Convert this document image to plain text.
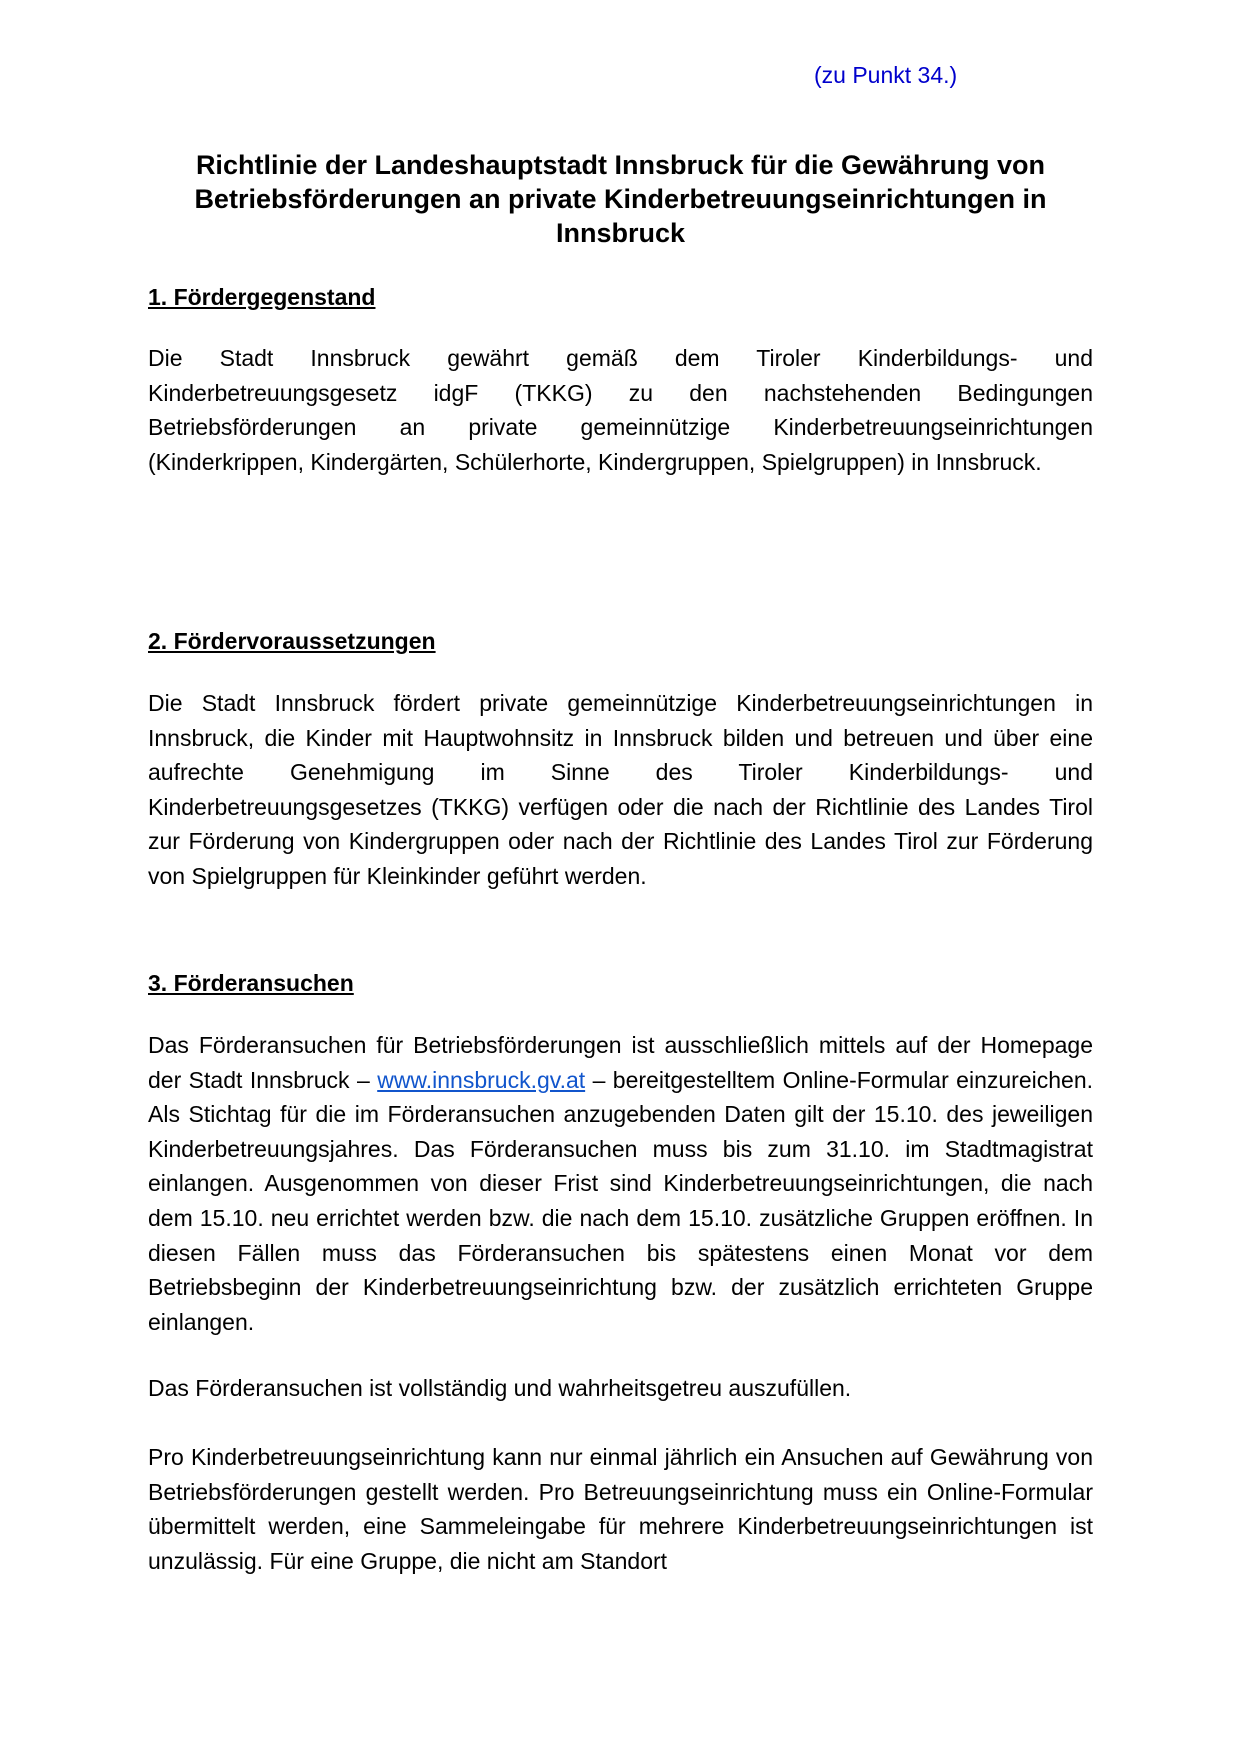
(zu Punkt 34.)
Richtlinie der Landeshauptstadt Innsbruck für die Gewährung von Betriebsförderungen an private Kinderbetreuungseinrichtungen in Innsbruck
1. Fördergegenstand

Die Stadt Innsbruck gewährt gemäß dem Tiroler Kinderbildungs- und Kinderbetreuungsgesetz idgF (TKKG) zu den nachstehenden Bedingungen Betriebsförderungen an private gemeinnützige Kinderbetreuungseinrichtungen (Kinderkrippen, Kindergärten, Schülerhorte, Kindergruppen, Spielgruppen) in Innsbruck.

2. Fördervoraussetzungen

Die Stadt Innsbruck fördert private gemeinnützige Kinderbetreuungseinrichtungen in Innsbruck, die Kinder mit Hauptwohnsitz in Innsbruck bilden und betreuen und über eine aufrechte Genehmigung im Sinne des Tiroler Kinderbildungs- und Kinderbetreuungsgesetzes (TKKG) verfügen oder die nach der Richtlinie des Landes Tirol zur Förderung von Kindergruppen oder nach der Richtlinie des Landes Tirol zur Förderung von Spielgruppen für Kleinkinder geführt werden.

3. Förderansuchen

Das Förderansuchen für Betriebsförderungen ist ausschließlich mittels auf der Homepage der Stadt Innsbruck – www.innsbruck.gv.at – bereitgestelltem Online-Formular einzureichen. Als Stichtag für die im Förderansuchen anzugebenden Daten gilt der 15.10. des jeweiligen Kinderbetreuungsjahres. Das Förderansuchen muss bis zum 31.10. im Stadtmagistrat einlangen. Ausgenommen von dieser Frist sind Kinderbetreuungseinrichtungen, die nach dem 15.10. neu errichtet werden bzw. die nach dem 15.10. zusätzliche Gruppen eröffnen. In diesen Fällen muss das Förderansuchen bis spätestens einen Monat vor dem Betriebsbeginn der Kinderbetreuungseinrichtung bzw. der zusätzlich errichteten Gruppe einlangen.

Das Förderansuchen ist vollständig und wahrheitsgetreu auszufüllen.

Pro Kinderbetreuungseinrichtung kann nur einmal jährlich ein Ansuchen auf Gewährung von Betriebsförderungen gestellt werden. Pro Betreuungseinrichtung muss ein Online-Formular übermittelt werden, eine Sammeleingabe für mehrere Kinderbetreuungseinrichtungen ist unzulässig. Für eine Gruppe, die nicht am Standort
